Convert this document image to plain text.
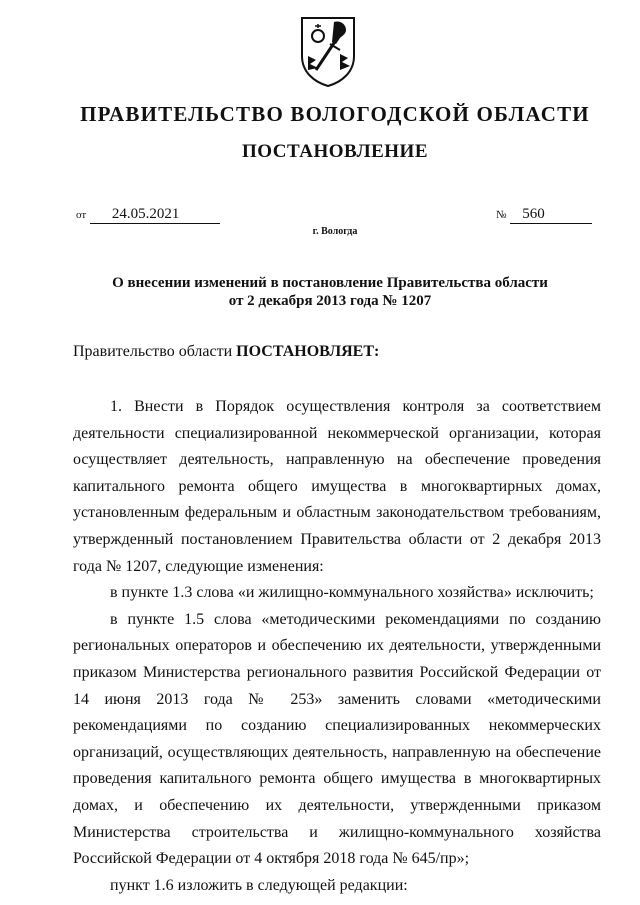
ПРАВИТЕЛЬСТВО ВОЛОГОДСКОЙ ОБЛАСТИ
ПОСТАНОВЛЕНИЕ
от 24.05.2021	№ 560
г. Вологда
О внесении изменений в постановление Правительства области
от 2 декабря 2013 года № 1207
Правительство области ПОСТАНОВЛЯЕТ:

1. Внести в Порядок осуществления контроля за соответствием деятельности специализированной некоммерческой организации, которая осуществляет деятельность, направленную на обеспечение проведения капитального ремонта общего имущества в многоквартирных домах, установленным федеральным и областным законодательством требованиям, утвержденный постановлением Правительства области от 2 декабря 2013 года № 1207, следующие изменения:

в пункте 1.3 слова «и жилищно-коммунального хозяйства» исключить;

в пункте 1.5 слова «методическими рекомендациями по созданию региональных операторов и обеспечению их деятельности, утвержденными приказом Министерства регионального развития Российской Федерации от 14 июня 2013 года № 253» заменить словами «методическими рекомендациями по созданию специализированных некоммерческих организаций, осуществляющих деятельность, направленную на обеспечение проведения капитального ремонта общего имущества в многоквартирных домах, и обеспечению их деятельности, утвержденными приказом Министерства строительства и жилищно-коммунального хозяйства Российской Федерации от 4 октября 2018 года № 645/пр»;

пункт 1.6 изложить в следующей редакции:
